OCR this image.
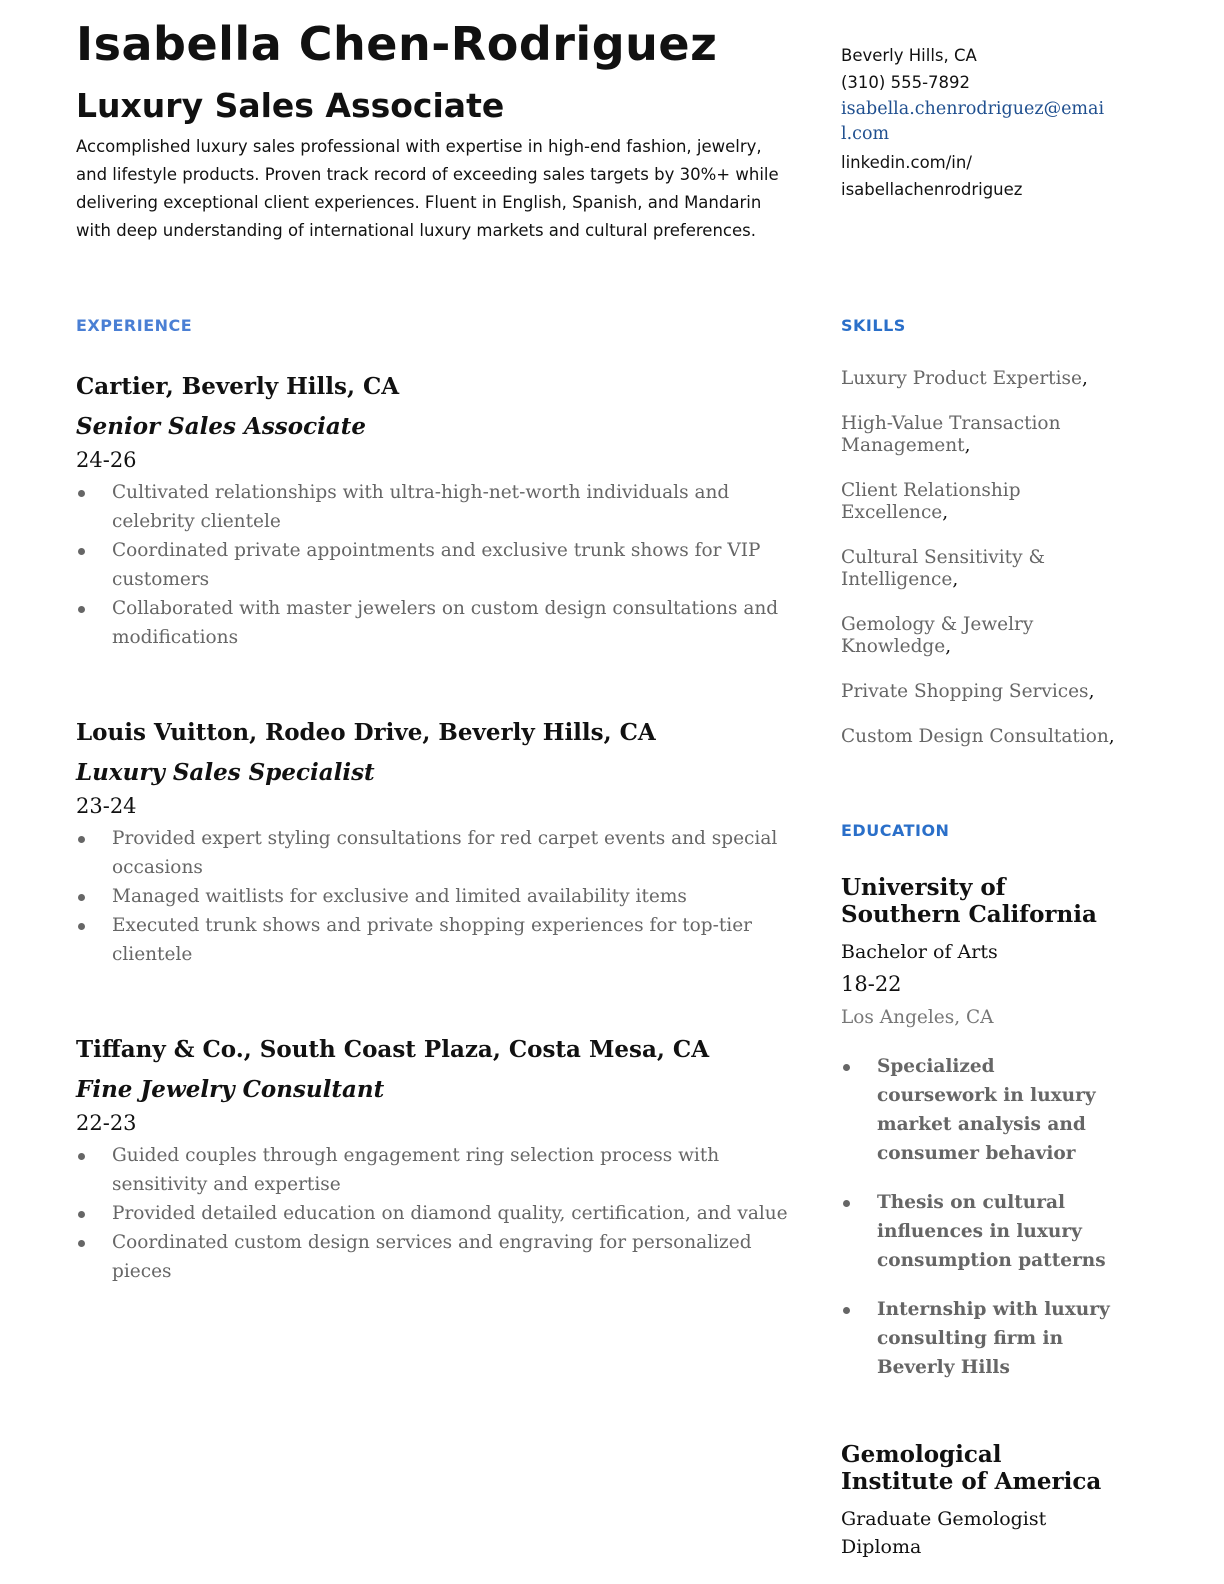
Isabella Chen-Rodriguez
Luxury Sales Associate

Accomplished luxury sales professional with expertise in high-end fashion, jewelry, and lifestyle products. Proven track record of exceeding sales targets by 30%+ while delivering exceptional client experiences. Fluent in English, Spanish, and Mandarin with deep understanding of international luxury markets and cultural preferences.

Beverly Hills, CA
(310) 555-7892
isabella.chenrodriguez@email.com
linkedin.com/in/
isabellachenrodriguez
EXPERIENCE	SKILLS
EDUCATION
Cartier, Beverly Hills, CA
Senior Sales Associate
24-26
Cultivated relationships with ultra-high-net-worth individuals and celebrity clientele
Coordinated private appointments and exclusive trunk shows for VIP customers
Collaborated with master jewelers on custom design consultations and modifications
Louis Vuitton, Rodeo Drive, Beverly Hills, CA
Luxury Sales Specialist
23-24
Provided expert styling consultations for red carpet events and special occasions
Managed waitlists for exclusive and limited availability items
Executed trunk shows and private shopping experiences for top-tier clientele
Tiffany & Co., South Coast Plaza, Costa Mesa, CA
Fine Jewelry Consultant
22-23
Guided couples through engagement ring selection process with sensitivity and expertise
Provided detailed education on diamond quality, certification, and value
Coordinated custom design services and engraving for personalized pieces
Luxury Product Expertise,
High-Value Transaction Management,
Client Relationship Excellence,
Cultural Sensitivity & Intelligence,
Gemology & Jewelry Knowledge,
Private Shopping Services,
Custom Design Consultation,
University of Southern California
Bachelor of Arts
18-22
Los Angeles, CA
Specialized coursework in luxury market analysis and consumer behavior
Thesis on cultural influences in luxury consumption patterns
Internship with luxury consulting firm in Beverly Hills
Gemological Institute of America
Graduate Gemologist Diploma
